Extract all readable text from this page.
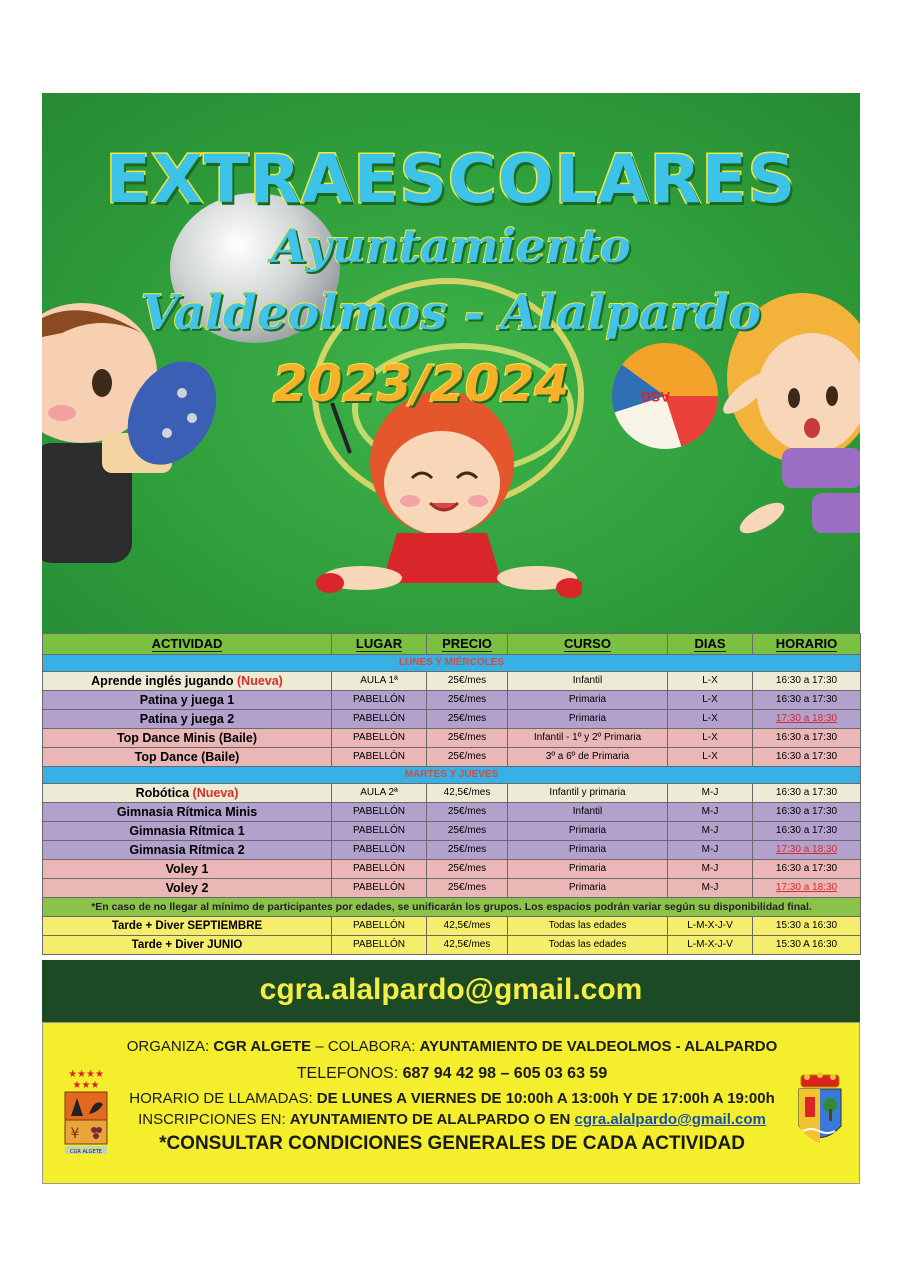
ASG
EXTRAESCOLARES
Ayuntamiento
Valdeolmos - Alalpardo
2023/2024
ACTIVIDAD	LUGAR	PRECIO	CURSO	DIAS	HORARIO
LUNES Y MIÉRCOLES					
Aprende inglés jugando (Nueva)	AULA 1ª	25€/mes	Infantil	L-X	16:30 a 17:30
Patina y juega 1	PABELLÓN	25€/mes	Primaria	L-X	16:30 a 17:30
Patina y juega 2	PABELLÓN	25€/mes	Primaria	L-X	17:30 a 18:30
Top Dance Minis (Baile)	PABELLÓN	25€/mes	Infantil - 1º y 2º Primaria	L-X	16:30 a 17:30
Top Dance (Baile)	PABELLÓN	25€/mes	3º a 6º de Primaria	L-X	16:30 a 17:30
MARTES Y JUEVES					
Robótica (Nueva)	AULA 2ª	42,5€/mes	Infantil y primaria	M-J	16:30 a 17:30
Gimnasia Rítmica Minis	PABELLÓN	25€/mes	Infantil	M-J	16:30 a 17:30
Gimnasia Rítmica 1	PABELLÓN	25€/mes	Primaria	M-J	16:30 a 17:30
Gimnasia Rítmica 2	PABELLÓN	25€/mes	Primaria	M-J	17:30 a 18:30
Voley 1	PABELLÓN	25€/mes	Primaria	M-J	16:30 a 17:30
Voley 2	PABELLÓN	25€/mes	Primaria	M-J	17:30 a 18:30
*En caso de no llegar al mínimo de participantes por edades, se unificarán los grupos. Los espacios podrán variar según su disponibilidad final.					
Tarde + Diver SEPTIEMBRE	PABELLÓN	42,5€/mes	Todas las edades	L-M-X-J-V	15:30 a 16:30
Tarde + Diver JUNIO	PABELLÓN	42,5€/mes	Todas las edades	L-M-X-J-V	15:30 A 16:30
cgra.alalpardo@gmail.com
★★★★
★★★
¥
CGR ALGETE
ORGANIZA: CGR ALGETE – COLABORA: AYUNTAMIENTO DE VALDEOLMOS - ALALPARDO
TELEFONOS: 687 94 42 98 – 605 03 63 59
HORARIO DE LLAMADAS: DE LUNES A VIERNES DE 10:00h A 13:00h Y DE 17:00h A 19:00h
INSCRIPCIONES EN: AYUNTAMIENTO DE ALALPARDO O EN cgra.alalpardo@gmail.com
*CONSULTAR CONDICIONES GENERALES DE CADA ACTIVIDAD
